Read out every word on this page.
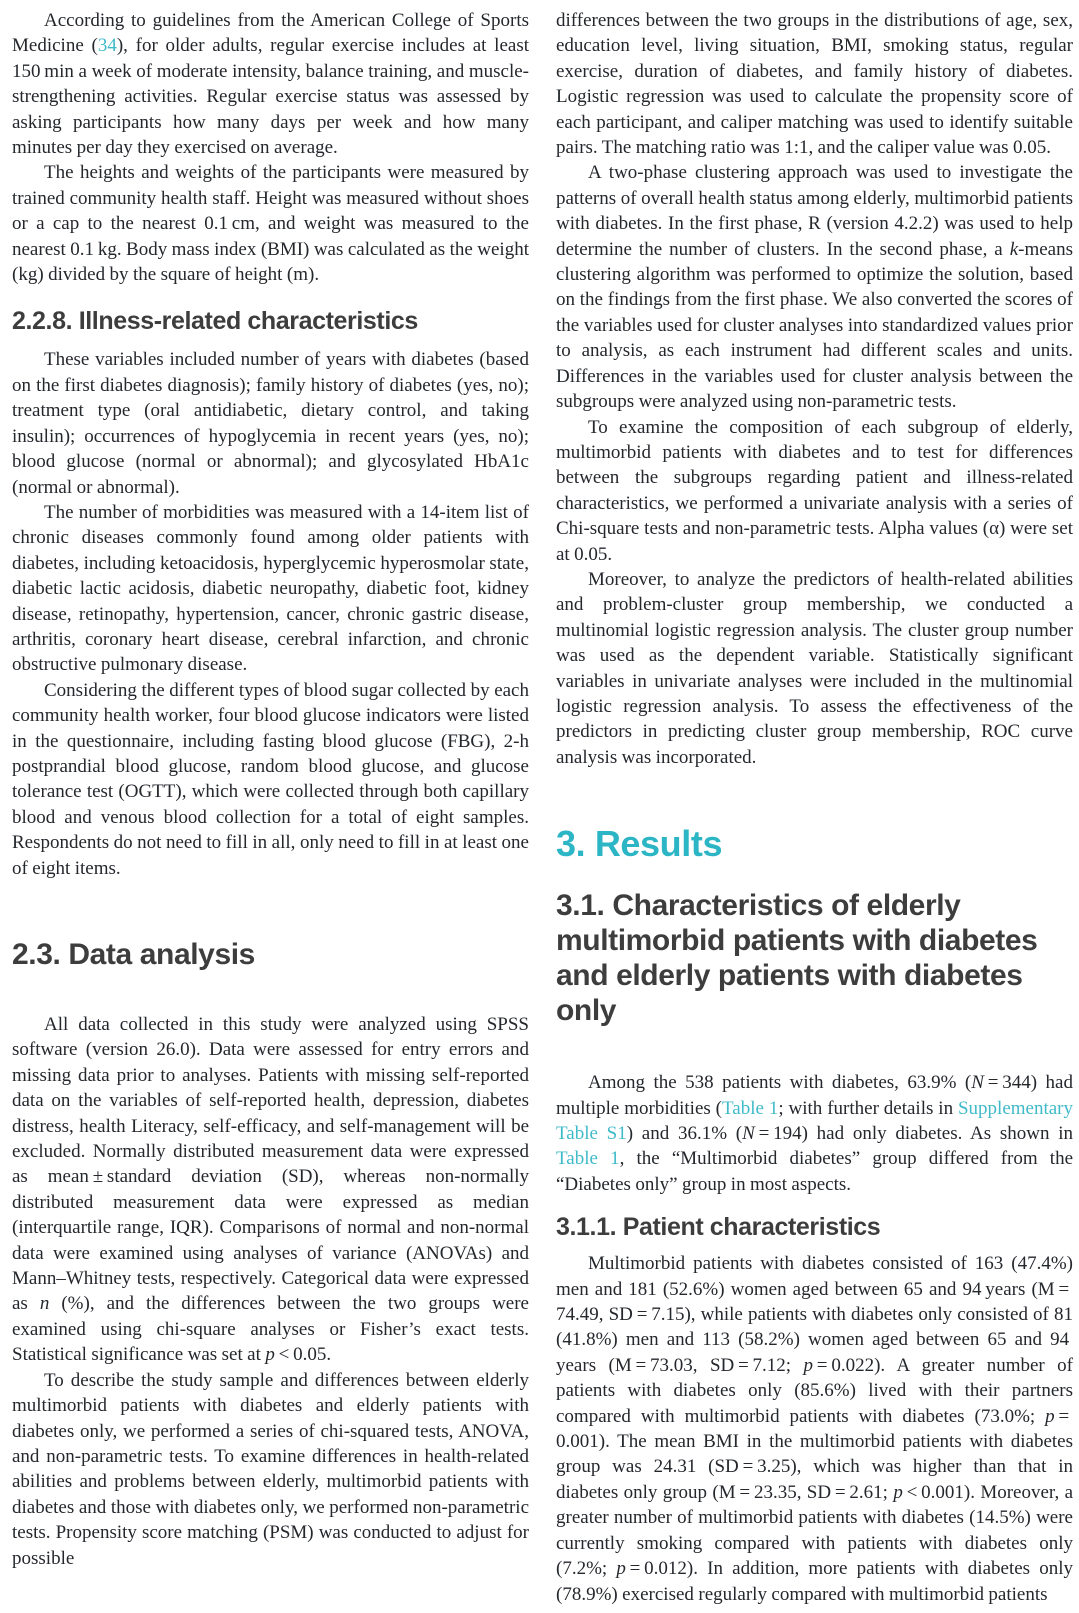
According to guidelines from the American College of Sports Medicine (34), for older adults, regular exercise includes at least 150 min a week of moderate intensity, balance training, and muscle-strengthening activities. Regular exercise status was assessed by asking participants how many days per week and how many minutes per day they exercised on average.

The heights and weights of the participants were measured by trained community health staff. Height was measured without shoes or a cap to the nearest 0.1 cm, and weight was measured to the nearest 0.1 kg. Body mass index (BMI) was calculated as the weight (kg) divided by the square of height (m).

2.2.8. Illness-related characteristics

These variables included number of years with diabetes (based on the first diabetes diagnosis); family history of diabetes (yes, no); treatment type (oral antidiabetic, dietary control, and taking insulin); occurrences of hypoglycemia in recent years (yes, no); blood glucose (normal or abnormal); and glycosylated HbA1c (normal or abnormal).

The number of morbidities was measured with a 14-item list of chronic diseases commonly found among older patients with diabetes, including ketoacidosis, hyperglycemic hyperosmolar state, diabetic lactic acidosis, diabetic neuropathy, diabetic foot, kidney disease, retinopathy, hypertension, cancer, chronic gastric disease, arthritis, coronary heart disease, cerebral infarction, and chronic obstructive pulmonary disease.

Considering the different types of blood sugar collected by each community health worker, four blood glucose indicators were listed in the questionnaire, including fasting blood glucose (FBG), 2-h postprandial blood glucose, random blood glucose, and glucose tolerance test (OGTT), which were collected through both capillary blood and venous blood collection for a total of eight samples. Respondents do not need to fill in all, only need to fill in at least one of eight items.

2.3. Data analysis

All data collected in this study were analyzed using SPSS software (version 26.0). Data were assessed for entry errors and missing data prior to analyses. Patients with missing self-reported data on the variables of self-reported health, depression, diabetes distress, health Literacy, self-efficacy, and self-management will be excluded. Normally distributed measurement data were expressed as mean ± standard deviation (SD), whereas non-normally distributed measurement data were expressed as median (interquartile range, IQR). Comparisons of normal and non-normal data were examined using analyses of variance (ANOVAs) and Mann–Whitney tests, respectively. Categorical data were expressed as n (%), and the differences between the two groups were examined using chi-square analyses or Fisher’s exact tests. Statistical significance was set at p < 0.05.

To describe the study sample and differences between elderly multimorbid patients with diabetes and elderly patients with diabetes only, we performed a series of chi-squared tests, ANOVA, and non-parametric tests. To examine differences in health-related abilities and problems between elderly, multimorbid patients with diabetes and those with diabetes only, we performed non-parametric tests. Propensity score matching (PSM) was conducted to adjust for possible

differences between the two groups in the distributions of age, sex, education level, living situation, BMI, smoking status, regular exercise, duration of diabetes, and family history of diabetes. Logistic regression was used to calculate the propensity score of each participant, and caliper matching was used to identify suitable pairs. The matching ratio was 1:1, and the caliper value was 0.05.

A two-phase clustering approach was used to investigate the patterns of overall health status among elderly, multimorbid patients with diabetes. In the first phase, R (version 4.2.2) was used to help determine the number of clusters. In the second phase, a k-means clustering algorithm was performed to optimize the solution, based on the findings from the first phase. We also converted the scores of the variables used for cluster analyses into standardized values prior to analysis, as each instrument had different scales and units. Differences in the variables used for cluster analysis between the subgroups were analyzed using non-parametric tests.

To examine the composition of each subgroup of elderly, multimorbid patients with diabetes and to test for differences between the subgroups regarding patient and illness-related characteristics, we performed a univariate analysis with a series of Chi-square tests and non-parametric tests. Alpha values (α) were set at 0.05.

Moreover, to analyze the predictors of health-related abilities and problem-cluster group membership, we conducted a multinomial logistic regression analysis. The cluster group number was used as the dependent variable. Statistically significant variables in univariate analyses were included in the multinomial logistic regression analysis. To assess the effectiveness of the predictors in predicting cluster group membership, ROC curve analysis was incorporated.

3. Results
3.1. Characteristics of elderly multimorbid patients with diabetes and elderly patients with diabetes only

Among the 538 patients with diabetes, 63.9% (N = 344) had multiple morbidities (Table 1; with further details in Supplementary Table S1) and 36.1% (N = 194) had only diabetes. As shown in Table 1, the “Multimorbid diabetes” group differed from the “Diabetes only” group in most aspects.

3.1.1. Patient characteristics

Multimorbid patients with diabetes consisted of 163 (47.4%) men and 181 (52.6%) women aged between 65 and 94 years (M = 74.49, SD = 7.15), while patients with diabetes only consisted of 81 (41.8%) men and 113 (58.2%) women aged between 65 and 94 years (M = 73.03, SD = 7.12; p = 0.022). A greater number of patients with diabetes only (85.6%) lived with their partners compared with multimorbid patients with diabetes (73.0%; p = 0.001). The mean BMI in the multimorbid patients with diabetes group was 24.31 (SD = 3.25), which was higher than that in diabetes only group (M = 23.35, SD = 2.61; p < 0.001). Moreover, a greater number of multimorbid patients with diabetes (14.5%) were currently smoking compared with patients with diabetes only (7.2%; p = 0.012). In addition, more patients with diabetes only (78.9%) exercised regularly compared with multimorbid patients
